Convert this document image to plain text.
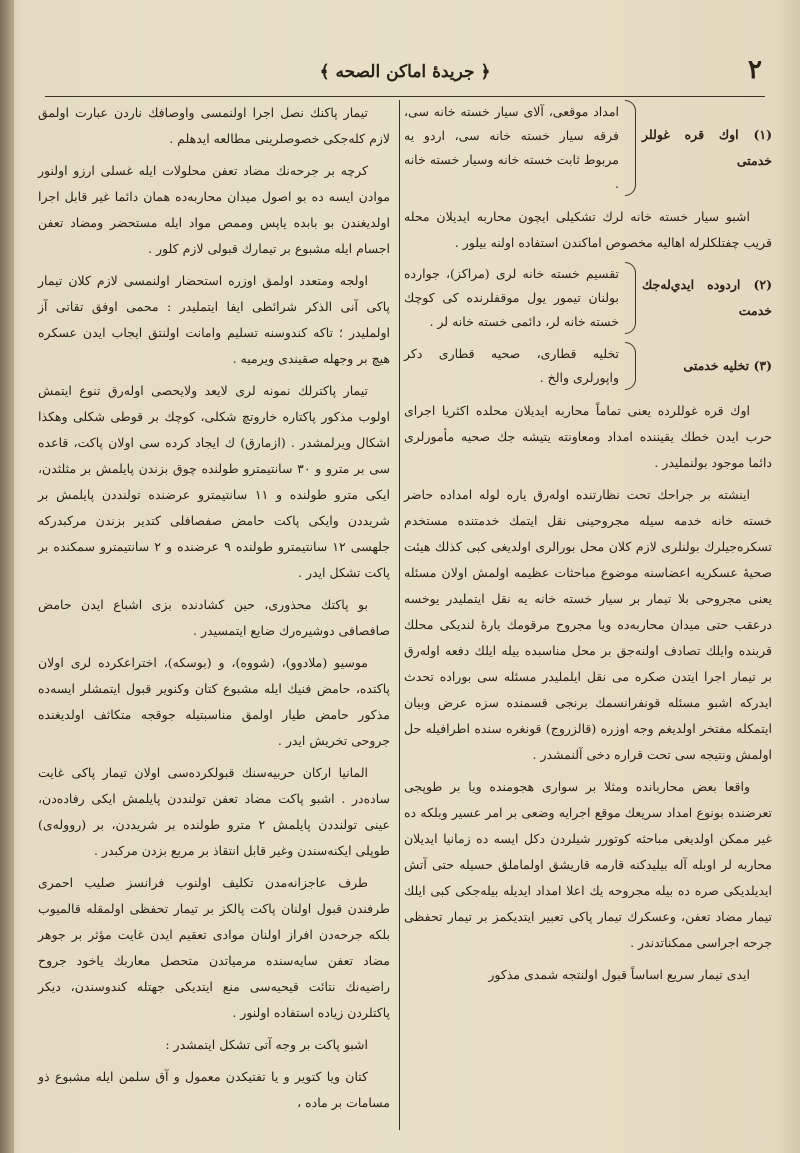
٢
﴿ جريدهٔ اماكن الصحه ﴾
(١) اوك قره غوللر خدمتى
امداد موقعى، آلاى سيار خسته خانه سى، فرقه سيار خسته خانه سى، اردو يه مربوط ثابت خسته خانه وسيار خسته خانه .

اشبو سيار خسته خانه لرك تشكيلى ايچون محاربه ايديلان محله قريب چفتلكلرله اهاليه مخصوص اماكندن استفاده اولنه بيلور .

(٢) اردوده ايدي‌له‌جك خدمت
تقسيم خسته خانه لرى (مراكز)، جوارده بولنان تيمور يول موقفلرنده كى كوچك خسته خانه لر، دائمى خسته خانه لر .
(٣) تخليه خدمتى
تخليه قطارى، صحيه قطارى دكر واپورلرى والخ .

اوك قره غوللرده يعنى تماماً محاربه ايديلان محلده اكثريا اجراى حرب ايدن خطك يقيننده امداد ومعاونته يتيشه جك صحيه مأمورلرى دائما موجود بولنمليدر .

اينشته بر جراحك تحت نظارتنده اوله‌رق ياره لوله امداده حاضر خسته خانه خدمه سيله مجروحينى نقل ايتمك خدمتنده مستخدم تسكره‌جيلرك بولنلرى لازم كلان محل بورالرى اولديغى كبى كذلك هيئت صحيهٔ عسكريه اعضاسنه موضوع مباحثات عظيمه اولمش اولان مسئله يعنى مجروحى بلا تيمار بر سيار خسته خانه يه نقل ايتمليدر يوخسه درعقب حتى ميدان محاربه‌ده ويا مجروح مرقومك يارهٔ لنديكى محلك قربنده وايلك تصادف اولنه‌جق بر محل مناسبده بيله ايلك دفعه اوله‌رق بر تيمار اجرا ايتدن صكره مى نقل ايلمليدر مسئله سى بوراده تحدث ايدركه اشبو مسئله قونفرانسمك برنجى قسمنده سزه عرض وبيان ايتمكله مفتخر اولديغم وجه اوزره (قالزروج) قونغره سنده اطرافيله حل اولمش ونتيجه سى تحت قراره دخى آلنمشدر .

واقعا بعض محاربانده ومثلا بر سوارى هجومنده ويا بر طوپجى تعرضنده بونوع امداد سريعك موقع اجرايه وضعى بر امر عسير وبلكه ده غير ممكن اولديغى مباحثه كوتورر شيلردن دكل ايسه ده زمانيا ايديلان محاربه لر اوبله آله بيليدكنه قارمه قاريشق اولماملق حسيله حتى آتش ايديلديكى صره ده بيله مجروحه يك اعلا امداد ايديله بيله‌جكى كبى ايلك تيمار مضاد تعفن، وعسكرك تيمار پاكى تعبير ايتديكمز بر تيمار تحفظى جرحه اجراسى ممكناتدندر .

ايدى تيمار سريع اساساً قبول اولنتجه شمدى مذكور

تيمار پاكنك نصل اجرا اولنمسى واوصافك ناردن عبارت اولمق لازم كله‌جكى خصوصلرينى مطالعه ايدهلم .

كرچه بر جرحه‌نك مضاد تعفن محلولات ايله غسلى ارزو اولنور موادن ايسه ده بو اصول ميدان محاربه‌ده همان دائما غير قابل اجرا اولديغندن بو بابده ياپس وممص مواد ايله مستحضر ومضاد تعفن اجسام ايله مشبوع بر تيمارك قبولى لازم كلور .

اولجه ومتعدد اولمق اوزره استحضار اولنمسى لازم كلان تيمار پاكى آنى الذكر شرائطى ايفا ايتمليدر : محمى اوفق تقاتى آز اولمليدر ؛ تاكه كندوسنه تسليم وامانت اولنتق ايجاب ايدن عسكره هيچ بر وجهله صقيندى ويرميه .

تيمار پاكترلك نمونه لرى لايعد ولايحصى اوله‌رق تنوع ايتمش اولوب مذكور پاكتاره خاروتچ شكلى، كوچك بر قوطى شكلى وهكذا اشكال ويرلمشدر . (ازمارق) ك ايجاد كرده سى اولان پاكت، قاعده سى بر مترو و ٣٠ سانتيمترو طولنده چوق بزندن پايلمش بر مثلثدن، ايكى مترو طولنده و ١١ سانتيمترو عرضنده تولنددن پايلمش بر شريددن وايكى پاكت حامض صفصافلى كتدير بزندن مركبدركه جلهسى ١٢ سانتيمترو طولنده ٩ عرضنده و ٢ سانتيمترو سمكنده بر پاكت تشكل ايدر .

بو پاكتك محذورى، حين كشادنده بزى اشباع ايدن حامض صافصافى دوشيره‌رك ضايع ايتمسيدر .

موسيو (ملادوو)، (شووه)، و (بوسكه)، اختراعكرده لرى اولان پاكتده، حامض فنيك ايله مشبوع كتان وكنوير قبول ايتمشلر ايسه‌ده مذكور حامض طيار اولمق مناسبتيله جوقجه متكاثف اولديغنده جروحى تخريش ايدر .

المانيا اركان حربيه‌سنك قبولكرده‌سى اولان تيمار پاكى غايت ساده‌در . اشبو پاكت مضاد تعفن تولنددن پايلمش ايكى رفاده‌دن، عينى تولنددن پايلمش ٢ مترو طولنده بر شريددن، بر (رووله‌ى) طوپلى ايكنه‌سندن وغير قابل انتقاذ بر مربع بزدن مركبدر .

طرف عاجزانه‌مدن تكليف اولنوب فرانسز صليب احمرى طرفندن قبول اولنان پاكت پالكز بر تيمار تحفظى اولمقله قالميوب بلكه جرحه‌دن افراز اولنان موادى تعقيم ايدن غايت مؤثر بر جوهر مضاد تعفن سايه‌سنده مرمياتدن متحصل معاربك ياخود جروح راضيه‌نك نتائت قيحيه‌سى منع ايتديكى جهتله كندوسندن، ديكر پاكتلردن زياده استفاده اولنور .

اشبو پاكت بر وجه آتى تشكل ايتمشدر :

كتان ويا كتوير و يا تفتيكدن معمول و آق سلمن ايله مشبوع ذو مسامات بر ماده ،
